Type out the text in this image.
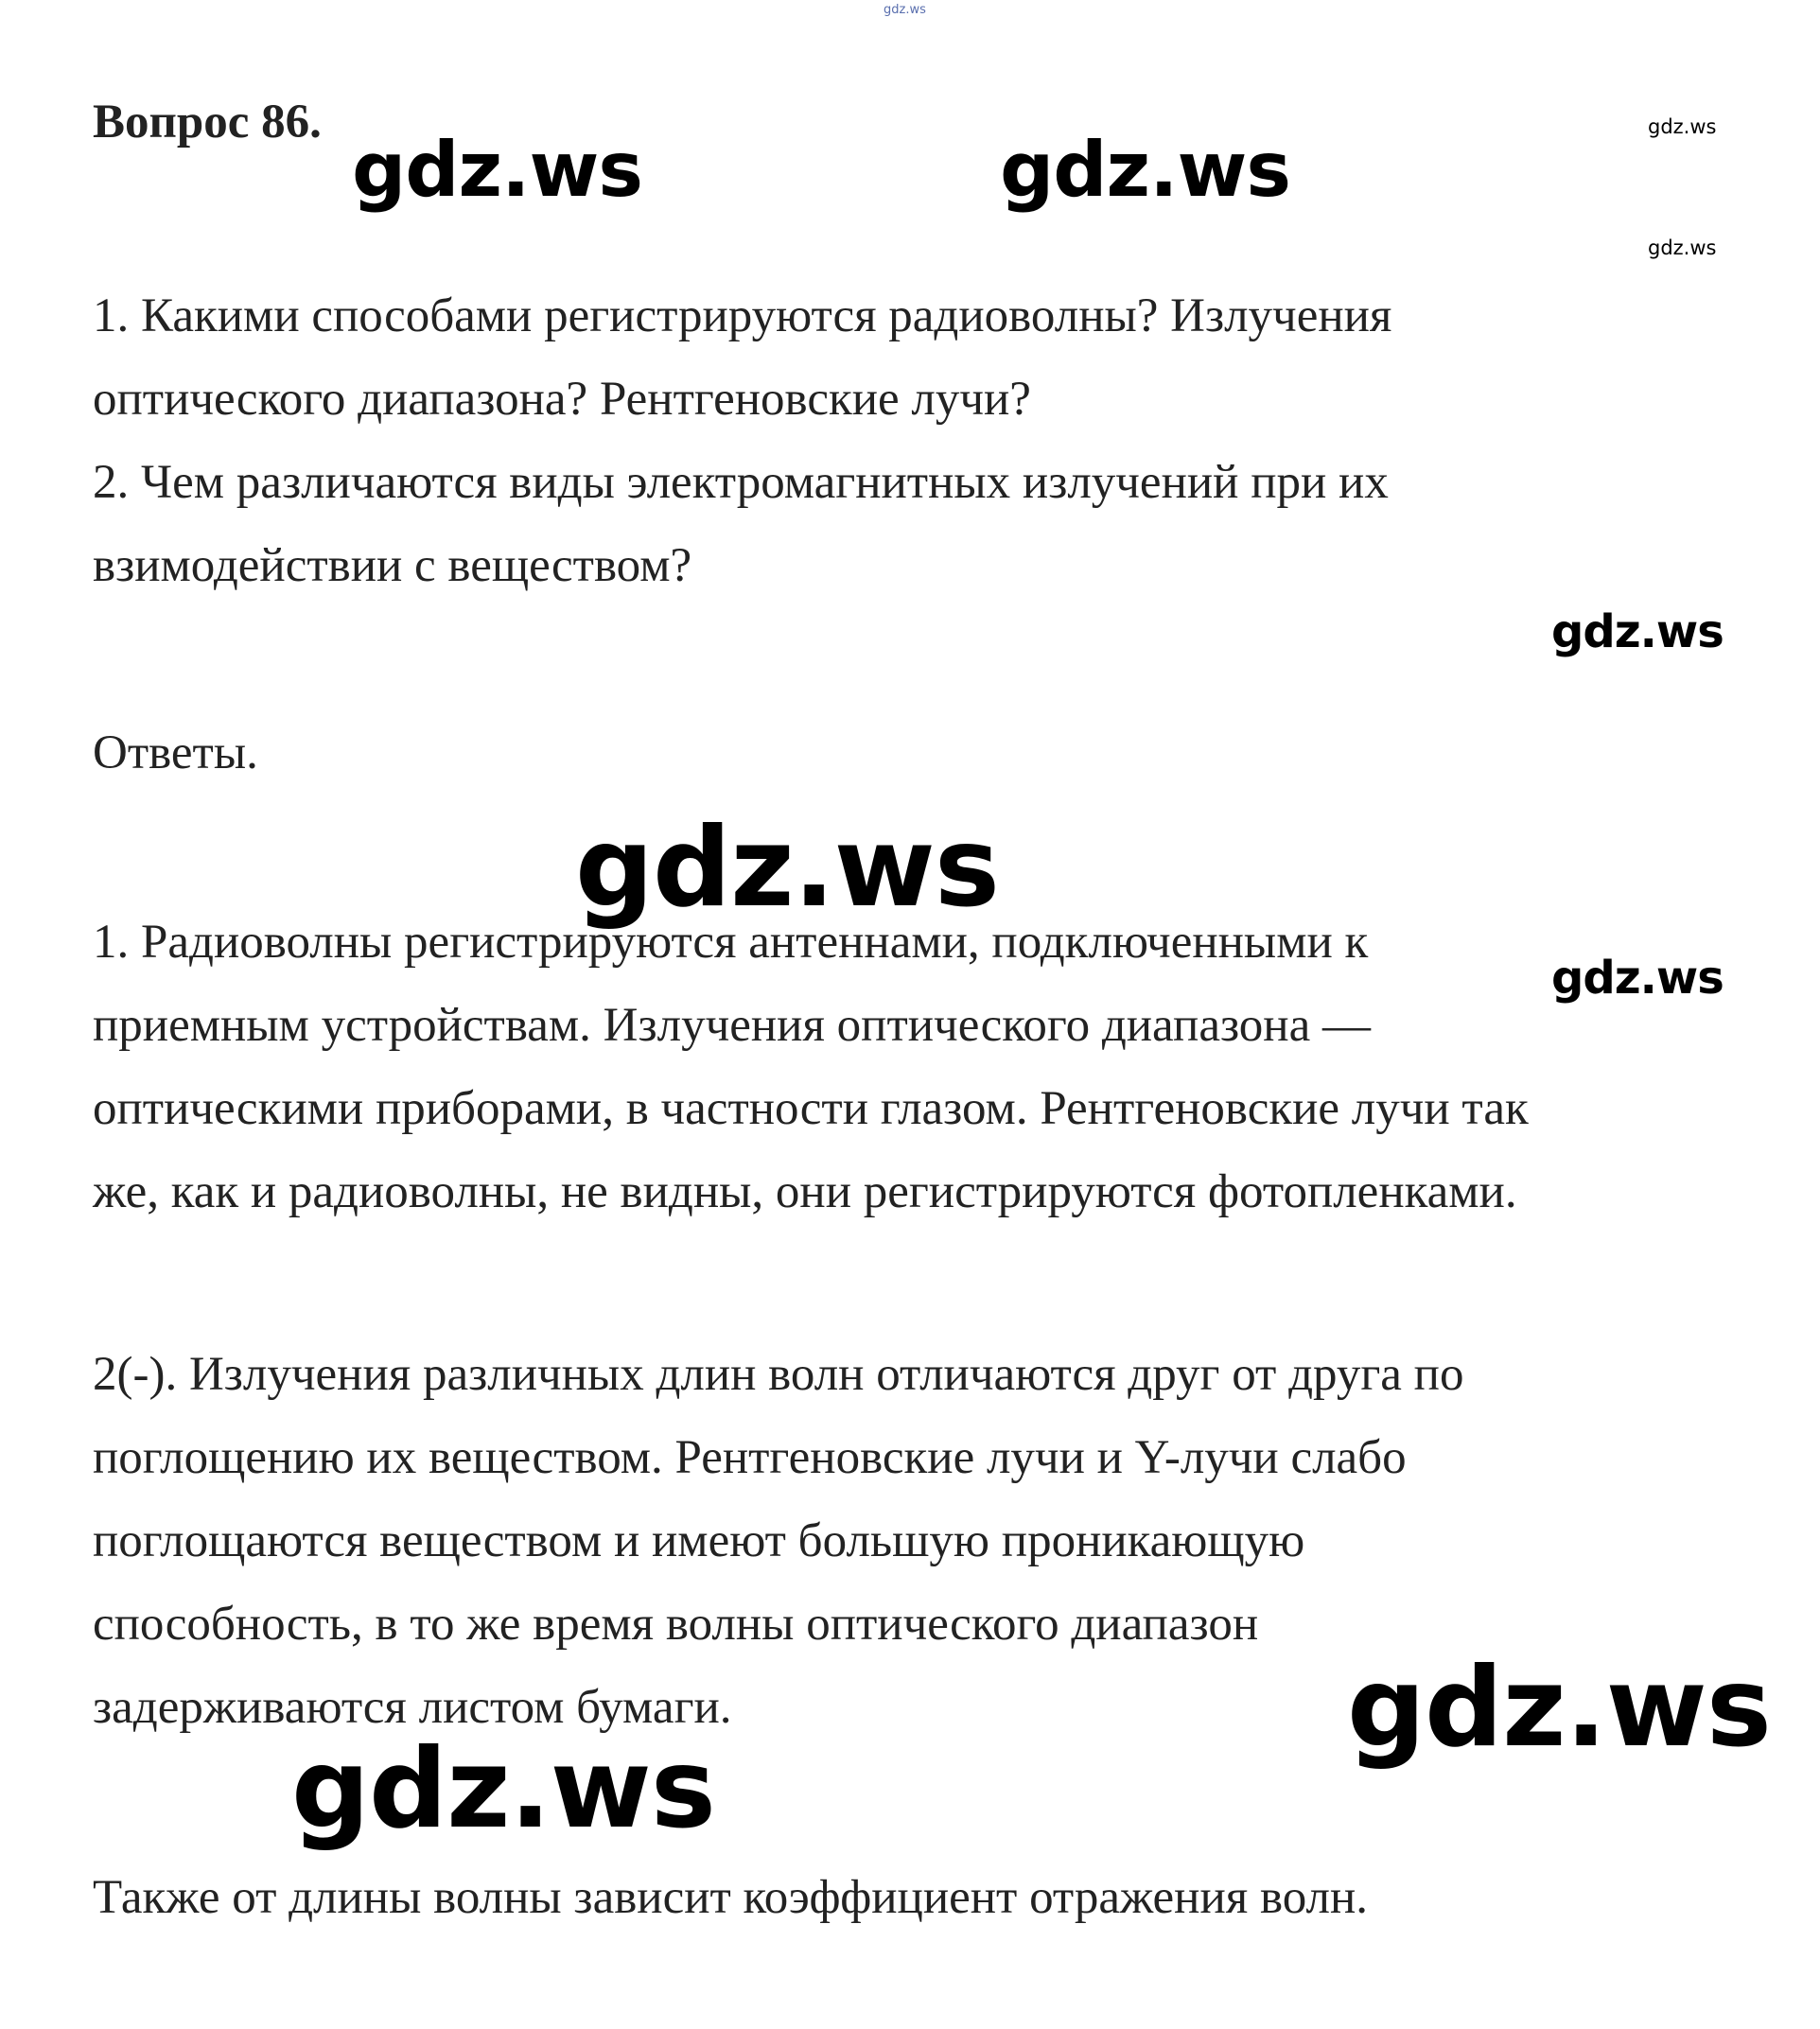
Вопрос 86.
1. Какими способами регистрируются радиоволны? Излучения
оптического диапазона? Рентгеновские лучи?
2. Чем различаются виды электромагнитных излучений при их
взимодействии с веществом?
Ответы.
1. Радиоволны регистрируются антеннами, подключенными к
приемным устройствам. Излучения оптического диапазона —
оптическими приборами, в частности глазом. Рентгеновские лучи так
же, как и радиоволны, не видны, они регистрируются фотопленками.
2(-). Излучения различных длин волн отличаются друг от друга по
поглощению их веществом. Рентгеновские лучи и Y-лучи слабо
поглощаются веществом и имеют большую проникающую
способность, в то же время волны оптического диапазон
задерживаются листом бумаги.
Также от длины волны зависит коэффициент отражения волн.
gdz.ws
gdz.ws
gdz.ws
gdz.ws	gdz.ws
gdz.ws
gdz.ws
gdz.ws
gdz.ws
gdz.ws
